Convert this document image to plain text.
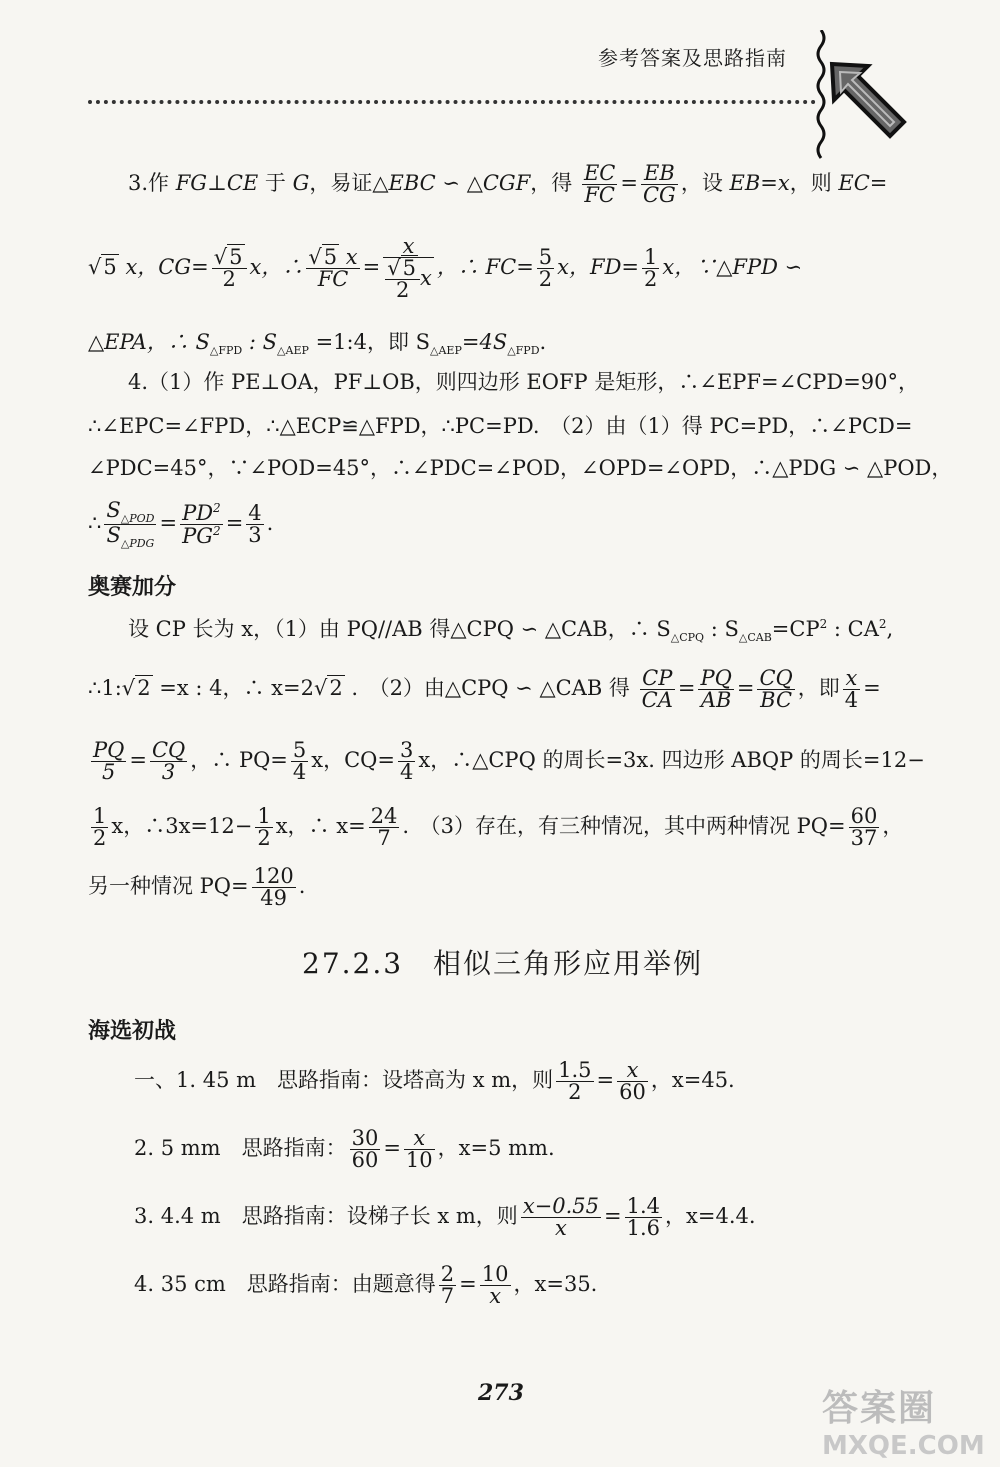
参考答案及思路指南
3.作 FG⊥CE 于 G，易证△EBC ∽ △CGF，得 $\frac{EC}{FC} = \frac{EB}{CG}$ ，设 EB=x，则 EC=
√5 x，$CG= \frac{√5}{2}$ x，∴ $\frac{√5 x}{FC} = \frac{x}{\frac{√5}{2} x}$ ，∴ $FC= \frac{5}{2}$ x，$FD= \frac{1}{2}$ x，∵△FPD ∽
△EPA，∴ $S_{\triangle FPD}$ : $S_{\triangle AEP}$ =1:4，即 $S_{\triangle AEP}=4S_{\triangle FPD}$.
4.（1）作 PE⊥OA，PF⊥OB，则四边形 EOFP 是矩形，∴∠EPF=∠CPD=90°，
∴∠EPC=∠FPD，∴△ECP≌△FPD，∴PC=PD.　（2）由（1）得 PC=PD，∴∠PCD=
∠PDC=45°，∵∠POD=45°，∴∠PDC=∠POD，∠OPD=∠OPD，∴△PDG ∽ △POD，
∴ $\frac{S_{\triangle POD}}{S_{\triangle PDG}} = \frac{PD^2}{PG^2} = \frac{4}{3}$ .
奥赛加分
设 CP 长为 x，（1）由 PQ//AB 得△CPQ ∽ △CAB，∴ $S_{\triangle CPQ}$ : $S_{\triangle CAB}=CP^2$ : $CA^2$,
∴1:√2 =x : 4，∴ x=2√2 .　（2）由△CPQ ∽ △CAB 得 $\frac{CP}{CA} = \frac{PQ}{AB} = \frac{CQ}{BC}$ ，即 $\frac{x}{4}$ =
$\frac{PQ}{5} = \frac{CQ}{3}$ ，∴ $PQ= \frac{5}{4}$ x，$CQ= \frac{3}{4}$ x，∴△CPQ 的周长=3x. 四边形 ABQP 的周长=12−
$\frac{1}{2}$ x，∴3x=12− $\frac{1}{2}$ x，∴ $x= \frac{24}{7}$ .　（3）存在，有三种情况，其中两种情况 $PQ= \frac{60}{37}$ ，
另一种情况 $PQ= \frac{120}{49}$ .
27.2.3　相似三角形应用举例
海选初战
一、1. 45 m　思路指南：设塔高为 x m，则 $\frac{1.5}{2} = \frac{x}{60}$ ，x=45.
2. 5 mm　思路指南： $\frac{30}{60} = \frac{x}{10}$ ，x=5 mm.
3. 4.4 m　思路指南：设梯子长 x m，则 $\frac{x-0.55}{x} = \frac{1.4}{1.6}$ ，x=4.4.
4. 35 cm　思路指南：由题意得 $\frac{2}{7} = \frac{10}{x}$ ，x=35.
273	答案圈
MXQE.COM
